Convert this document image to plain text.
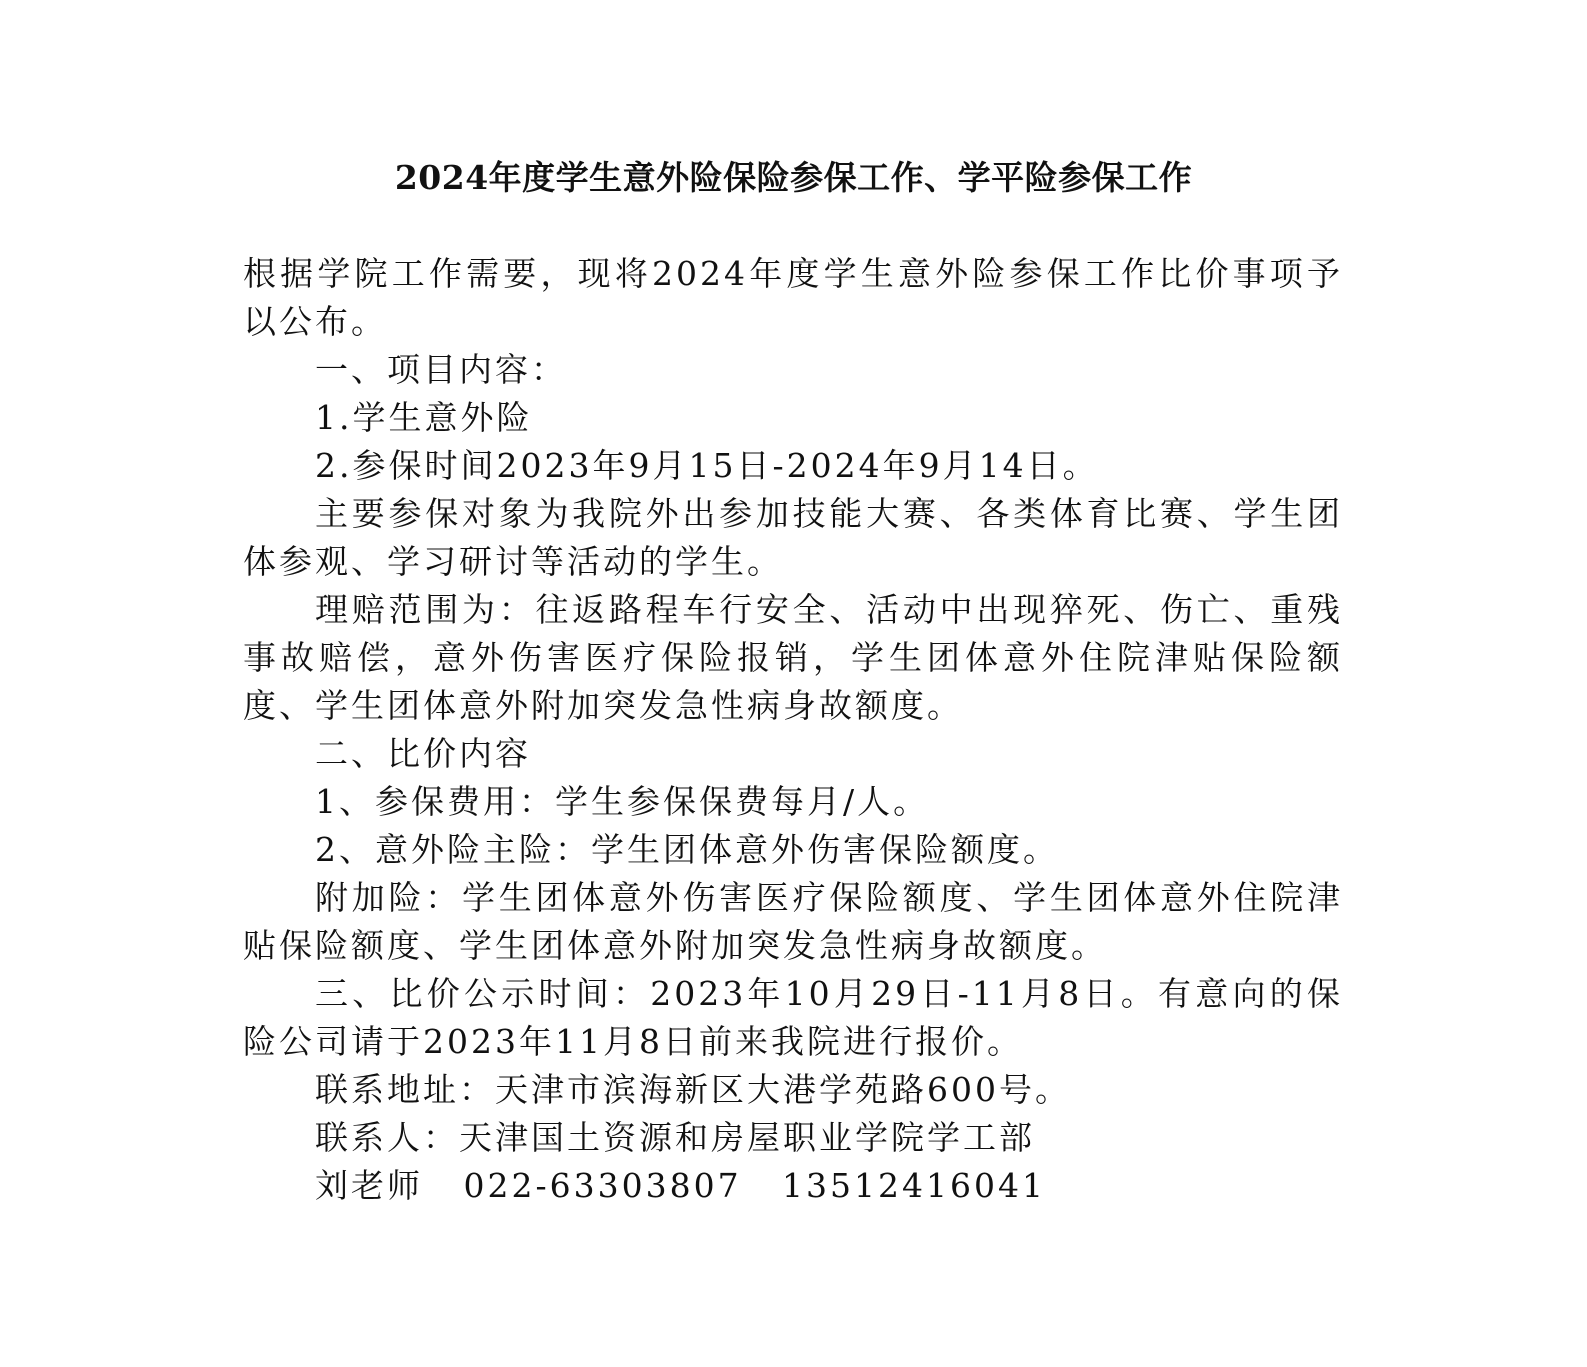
2024年度学生意外险保险参保工作、学平险参保工作

根据学院工作需要，现将2024年度学生意外险参保工作比价事项予以公布。

一、项目内容：

1.学生意外险

2.参保时间2023年9月15日-2024年9月14日。

主要参保对象为我院外出参加技能大赛、各类体育比赛、学生团体参观、学习研讨等活动的学生。

理赔范围为：往返路程车行安全、活动中出现猝死、伤亡、重残事故赔偿，意外伤害医疗保险报销，学生团体意外住院津贴保险额度、学生团体意外附加突发急性病身故额度。

二、比价内容

1、参保费用：学生参保保费每月/人。

2、意外险主险：学生团体意外伤害保险额度。

附加险：学生团体意外伤害医疗保险额度、学生团体意外住院津贴保险额度、学生团体意外附加突发急性病身故额度。

三、比价公示时间：2023年10月29日-11月8日。有意向的保险公司请于2023年11月8日前来我院进行报价。

联系地址：天津市滨海新区大港学苑路600号。

联系人：天津国土资源和房屋职业学院学工部

刘老师   022-63303807   13512416041
